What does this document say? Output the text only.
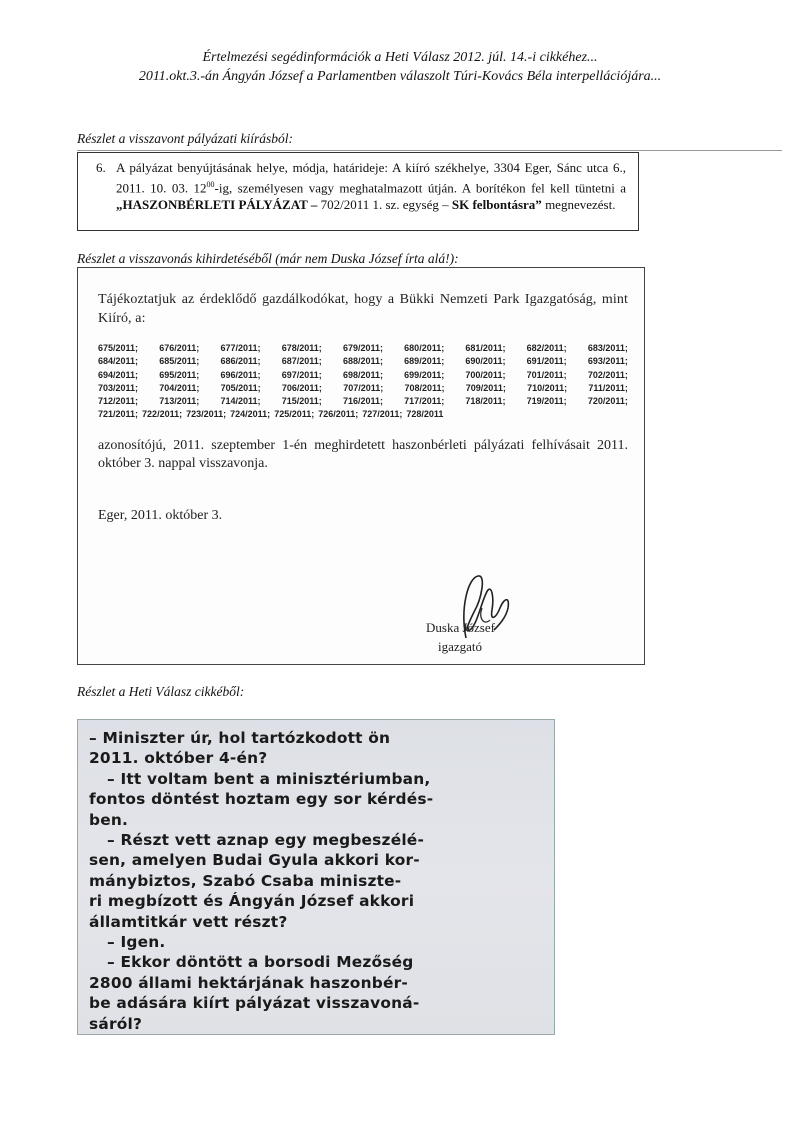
Értelmezési segédinformációk a Heti Válasz 2012. júl. 14.-i cikkéhez...
2011.okt.3.-án Ángyán József a Parlamentben válaszolt Túri-Kovács Béla interpellációjára...
Részlet a visszavont pályázati kiírásból:
6. A pályázat benyújtásának helye, módja, határideje: A kiíró székhelye, 3304 Eger, Sánc utca 6., 2011. 10. 03. $12^{00}-ig$, személyesen vagy meghatalmazott útján. A borítékon fel kell tüntetni a „HASZONBÉRLETI PÁLYÁZAT – 702/2011 1. sz. egység – SK felbontásra” megnevezést.
Részlet a visszavonás kihirdetéséből (már nem Duska József írta alá!):
Tájékoztatjuk az érdeklődő gazdálkodókat, hogy a Bükki Nemzeti Park Igazgatóság, mint Kiíró, a:
675/2011; 676/2011; 677/2011; 678/2011; 679/2011; 680/2011; 681/2011; 682/2011; 683/2011;
684/2011; 685/2011; 686/2011; 687/2011; 688/2011; 689/2011; 690/2011; 691/2011; 693/2011;
694/2011; 695/2011; 696/2011; 697/2011; 698/2011; 699/2011; 700/2011; 701/2011; 702/2011;
703/2011; 704/2011; 705/2011; 706/2011; 707/2011; 708/2011; 709/2011; 710/2011; 711/2011;
712/2011; 713/2011; 714/2011; 715/2011; 716/2011; 717/2011; 718/2011; 719/2011; 720/2011;
721/2011; 722/2011; 723/2011; 724/2011; 725/2011; 726/2011; 727/2011; 728/2011
azonosítójú, 2011. szeptember 1-én meghirdetett haszonbérleti pályázati felhívásait 2011. október 3. nappal visszavonja.
Eger, 2011. október 3.
Duska József
igazgató
Részlet a Heti Válasz cikkéből:
– Miniszter úr, hol tartózkodott ön
2011. október 4-én?
– Itt voltam bent a minisztériumban,
fontos döntést hoztam egy sor kérdés-
ben.
– Részt vett aznap egy megbeszélé-
sen, amelyen Budai Gyula akkori kor-
mánybiztos, Szabó Csaba miniszte-
ri megbízott és Ángyán József akkori
államtitkár vett részt?
– Igen.
– Ekkor döntött a borsodi Mezőség
2800 állami hektárjának haszonbér-
be adására kiírt pályázat visszavoná-
sáról?
